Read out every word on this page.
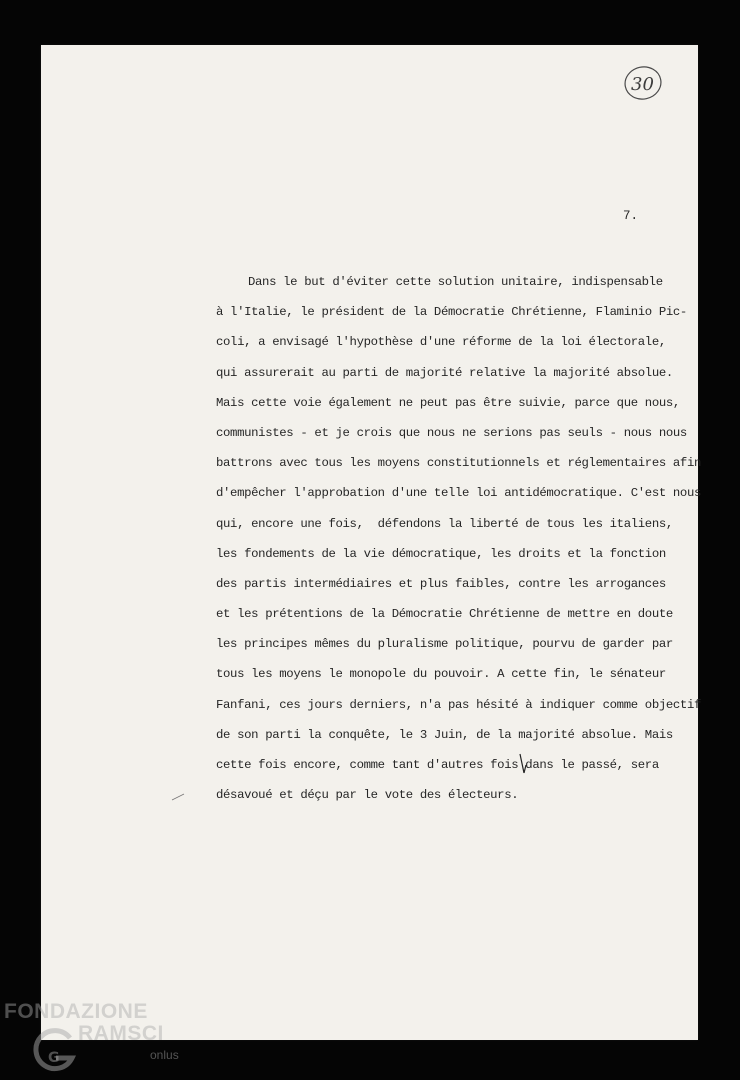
30
7.
Dans le but d'éviter cette solution unitaire, indispensable
à l'Italie, le président de la Démocratie Chrétienne, Flaminio Pic-
coli, a envisagé l'hypothèse d'une réforme de la loi électorale,
qui assurerait au parti de majorité relative la majorité absolue.
Mais cette voie également ne peut pas être suivie, parce que nous,
communistes - et je crois que nous ne serions pas seuls - nous nous
battrons avec tous les moyens constitutionnels et réglementaires afin
d'empêcher l'approbation d'une telle loi antidémocratique. C'est nous
qui, encore une fois,  défendons la liberté de tous les italiens,
les fondements de la vie démocratique, les droits et la fonction
des partis intermédiaires et plus faibles, contre les arrogances
et les prétentions de la Démocratie Chrétienne de mettre en doute
les principes mêmes du pluralisme politique, pourvu de garder par
tous les moyens le monopole du pouvoir. A cette fin, le sénateur
Fanfani, ces jours derniers, n'a pas hésité à indiquer comme objectif
de son parti la conquête, le 3 Juin, de la majorité absolue. Mais
cette fois encore, comme tant d'autres fois dans le passé, sera
désavoué et déçu par le vote des électeurs.
FONDAZIONE
G
RAMSCI
onlus
